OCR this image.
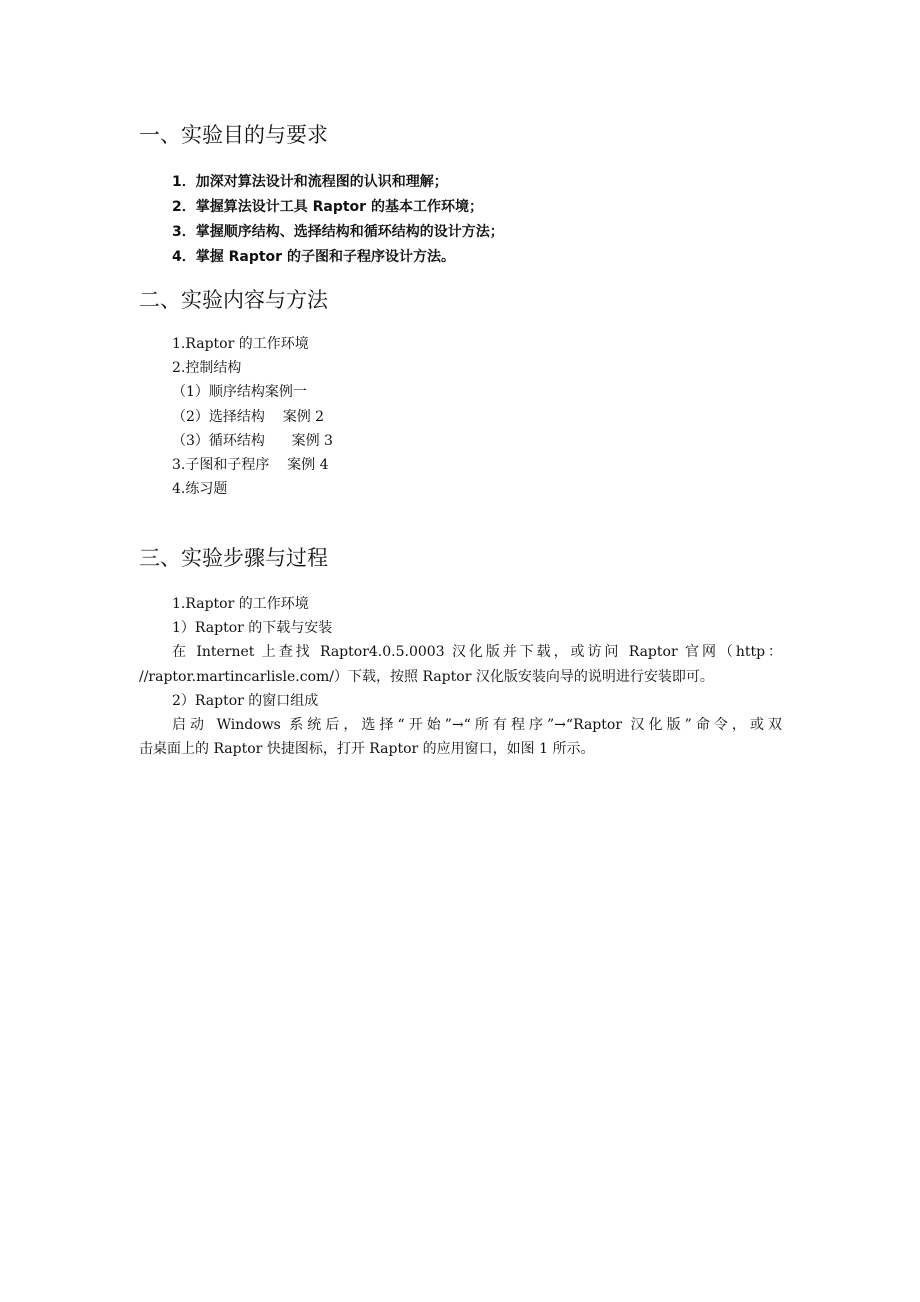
一、实验目的与要求
1．加深对算法设计和流程图的认识和理解；
2．掌握算法设计工具 Raptor 的基本工作环境；
3．掌握顺序结构、选择结构和循环结构的设计方法；
4．掌握 Raptor 的子图和子程序设计方法。
二、实验内容与方法
1.Raptor 的工作环境
2.控制结构
（1）顺序结构案例一
（2）选择结构    案例 2
（3）循环结构      案例 3
3.子图和子程序    案例 4
4.练习题
三、实验步骤与过程
1.Raptor 的工作环境
1）Raptor 的下载与安装
在 Internet 上查找 Raptor4.0.5.0003 汉化版并下载，或访问 Raptor 官网（http：
//raptor.martincarlisle.com/）下载，按照 Raptor 汉化版安装向导的说明进行安装即可。
2）Raptor 的窗口组成
启动 Windows 系统后，选择“开始”→“所有程序”→“Raptor 汉化版”命令，或双
击桌面上的 Raptor 快捷图标，打开 Raptor 的应用窗口，如图 1 所示。
